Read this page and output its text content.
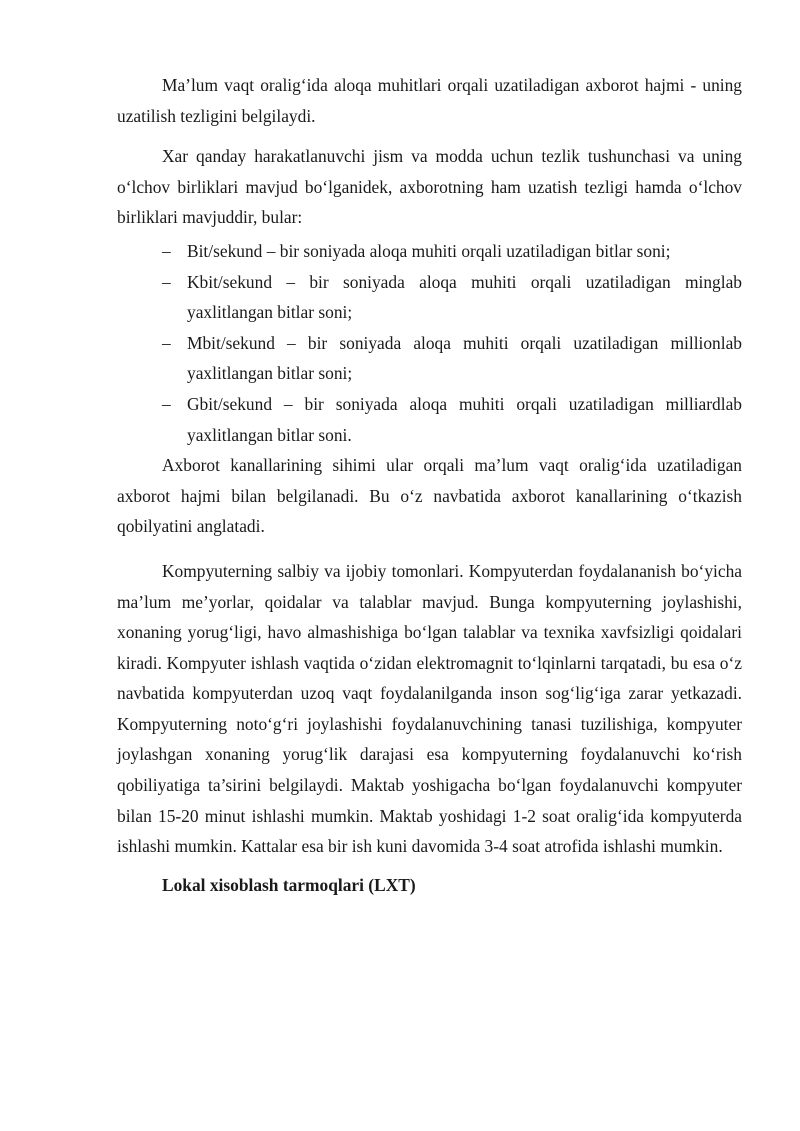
Ma’lum vaqt oralig‘ida aloqa muhitlari orqali uzatiladigan axborot hajmi - uning uzatilish tezligini belgilaydi.

Xar qanday harakatlanuvchi jism va modda uchun tezlik tushunchasi va uning o‘lchov birliklari mavjud bo‘lganidek, axborotning ham uzatish tezligi hamda o‘lchov birliklari mavjuddir, bular:

– Bit/sekund – bir soniyada aloqa muhiti orqali uzatiladigan bitlar soni;
– Kbit/sekund – bir soniyada aloqa muhiti orqali uzatiladigan minglab yaxlitlangan bitlar soni;
– Mbit/sekund – bir soniyada aloqa muhiti orqali uzatiladigan millionlab yaxlitlangan bitlar soni;
– Gbit/sekund – bir soniyada aloqa muhiti orqali uzatiladigan milliardlab yaxlitlangan bitlar soni.

Axborot kanallarining sihimi ular orqali ma’lum vaqt oralig‘ida uzatiladigan axborot hajmi bilan belgilanadi. Bu o‘z navbatida axborot kanallarining o‘tkazish qobilyatini anglatadi.

Kompyuterning salbiy va ijobiy tomonlari. Kompyuterdan foydalananish bo‘yicha ma’lum me’yorlar, qoidalar va talablar mavjud. Bunga kompyuterning joylashishi, xonaning yorug‘ligi, havo almashishiga bo‘lgan talablar va texnika xavfsizligi qoidalari kiradi. Kompyuter ishlash vaqtida o‘zidan elektromagnit to‘lqinlarni tarqatadi, bu esa o‘z navbatida kompyuterdan uzoq vaqt foydalanilganda inson sog‘lig‘iga zarar yetkazadi. Kompyuterning noto‘g‘ri joylashishi foydalanuvchining tanasi tuzilishiga, kompyuter joylashgan xonaning yorug‘lik darajasi esa kompyuterning foydalanuvchi ko‘rish qobiliyatiga ta’sirini belgilaydi. Maktab yoshigacha bo‘lgan foydalanuvchi kompyuter bilan 15-20 minut ishlashi mumkin. Maktab yoshidagi 1-2 soat oralig‘ida kompyuterda ishlashi mumkin. Kattalar esa bir ish kuni davomida 3-4 soat atrofida ishlashi mumkin.

Lokal xisoblash tarmoqlari (LXT)
